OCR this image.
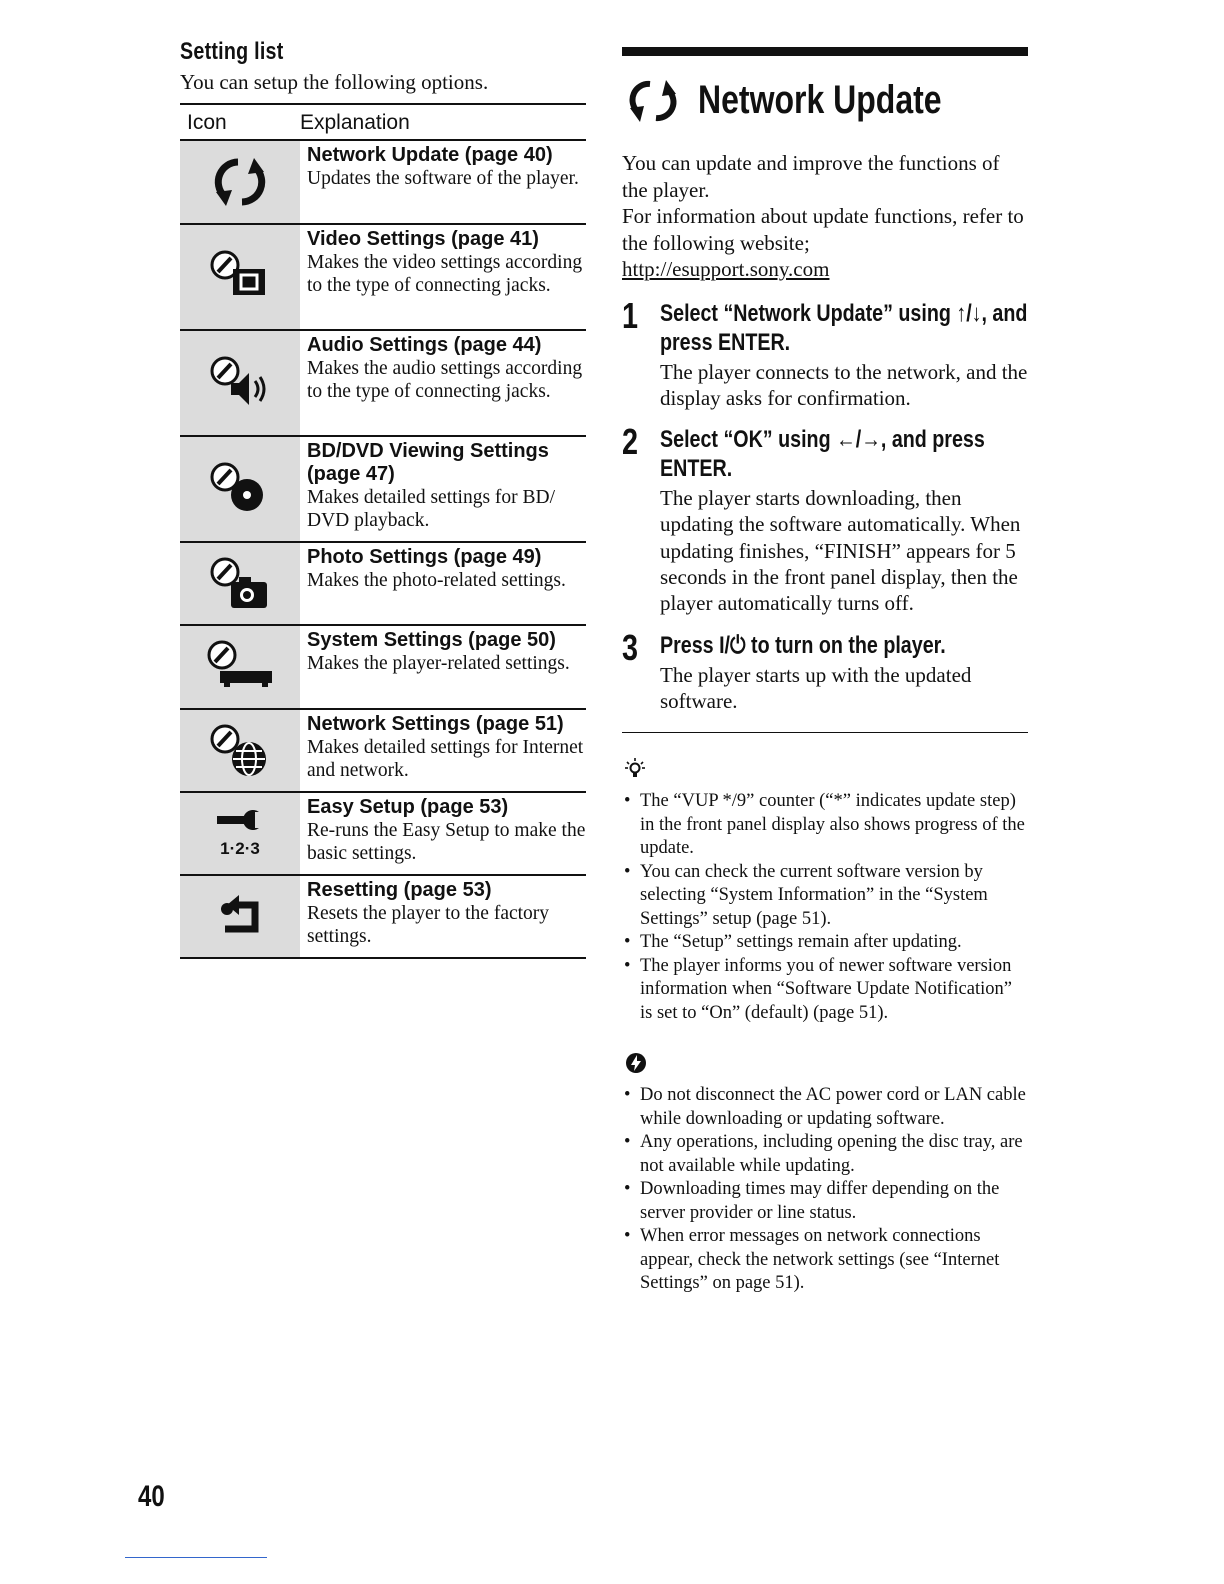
Setting list
You can setup the following options.
Icon	Explanation

Network Update (page 40)
Updates the software of the player.

Video Settings (page 41)
Makes the video settings according to the type of connecting jacks.

Audio Settings (page 44)
Makes the audio settings according to the type of connecting jacks.

BD/DVD Viewing Settings (page 47)
Makes detailed settings for BD/ DVD playback.

Photo Settings (page 49)
Makes the photo-related settings.

System Settings (page 50)
Makes the player-related settings.

Network Settings (page 51)
Makes detailed settings for Internet and network.

1·2·3	Easy Setup (page 53)
Re-runs the Easy Setup to make the basic settings.

Resetting (page 53)
Resets the player to the factory settings.
Network Update

You can update and improve the functions of the player.

For information about update functions, refer to the following website;

http://esupport.sony.com

1 Select “Network Update” using ↑/↓, and press ENTER.
The player connects to the network, and the display asks for confirmation.
2 Select “OK” using ←/→, and press ENTER.
The player starts downloading, then updating the software automatically. When updating finishes, “FINISH” appears for 5 seconds in the front panel display, then the player automatically turns off.
3 Press I/⏻ to turn on the player.
The player starts up with the updated software.
• The “VUP */9” counter (“*” indicates update step) in the front panel display also shows progress of the update.
• You can check the current software version by selecting “System Information” in the “System Settings” setup (page 51).
• The “Setup” settings remain after updating.
• The player informs you of newer software version information when “Software Update Notification” is set to “On” (default) (page 51).
• Do not disconnect the AC power cord or LAN cable while downloading or updating software.
• Any operations, including opening the disc tray, are not available while updating.
• Downloading times may differ depending on the server provider or line status.
• When error messages on network connections appear, check the network settings (see “Internet Settings” on page 51).
40
